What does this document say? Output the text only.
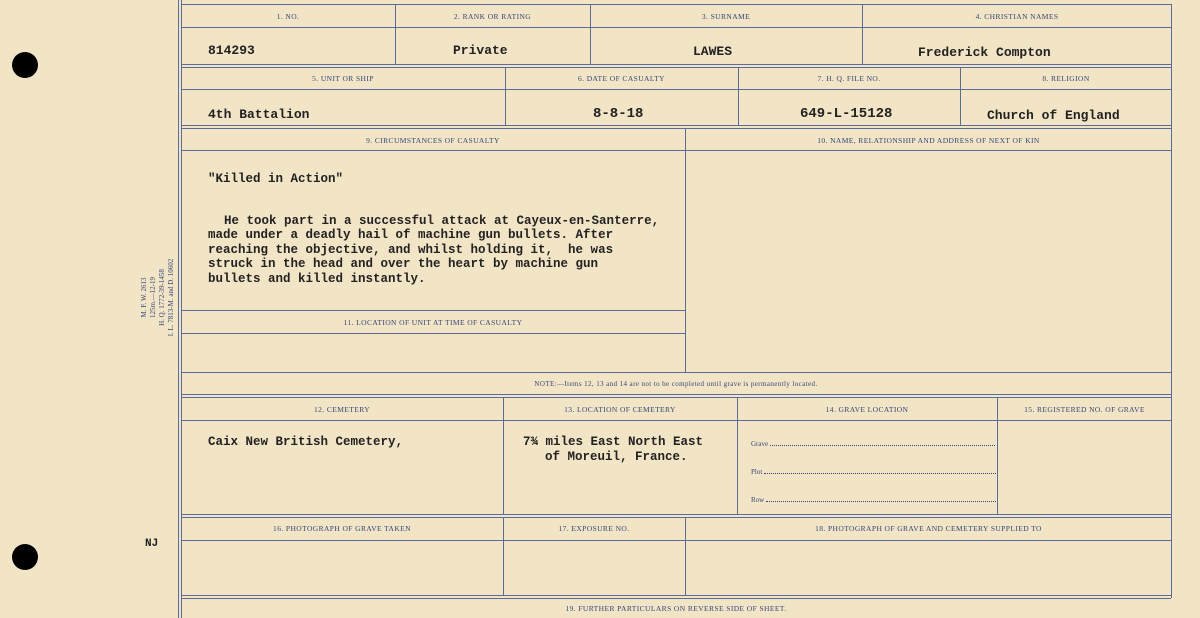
M. F. W. 2613 125m.—12-19 H. Q. 1772-39-1458 I. L. 7813-M. and D. 10602
NJ
1. NO.	2. RANK OR RATING	3. SURNAME	4. CHRISTIAN NAMES
814293	Private	LAWES	Frederick Compton
5. UNIT OR SHIP	6. DATE OF CASUALTY	7. H. Q. FILE NO.	8. RELIGION
4th Battalion	8-8-18	649-L-15128	Church of England
9. CIRCUMSTANCES OF CASUALTY	10. NAME, RELATIONSHIP AND ADDRESS OF NEXT OF KIN
"Killed in Action"

He took part in a successful attack at Cayeux-en-Santerre,
made under a deadly hail of machine gun bullets. After
reaching the objective, and whilst holding it,  he was
struck in the head and over the heart by machine gun
bullets and killed instantly.

11. LOCATION OF UNIT AT TIME OF CASUALTY
NOTE:—Items 12, 13 and 14 are not to be completed until grave is permanently located.
12. CEMETERY	13. LOCATION OF CEMETERY	14. GRAVE LOCATION	15. REGISTERED NO. OF GRAVE
Caix New British Cemetery,	7¾ miles East North East
of Moreuil, France.
Grave
Plot
Row
16. PHOTOGRAPH OF GRAVE TAKEN	17. EXPOSURE NO.	18. PHOTOGRAPH OF GRAVE AND CEMETERY SUPPLIED TO
19. FURTHER PARTICULARS ON REVERSE SIDE OF SHEET.
